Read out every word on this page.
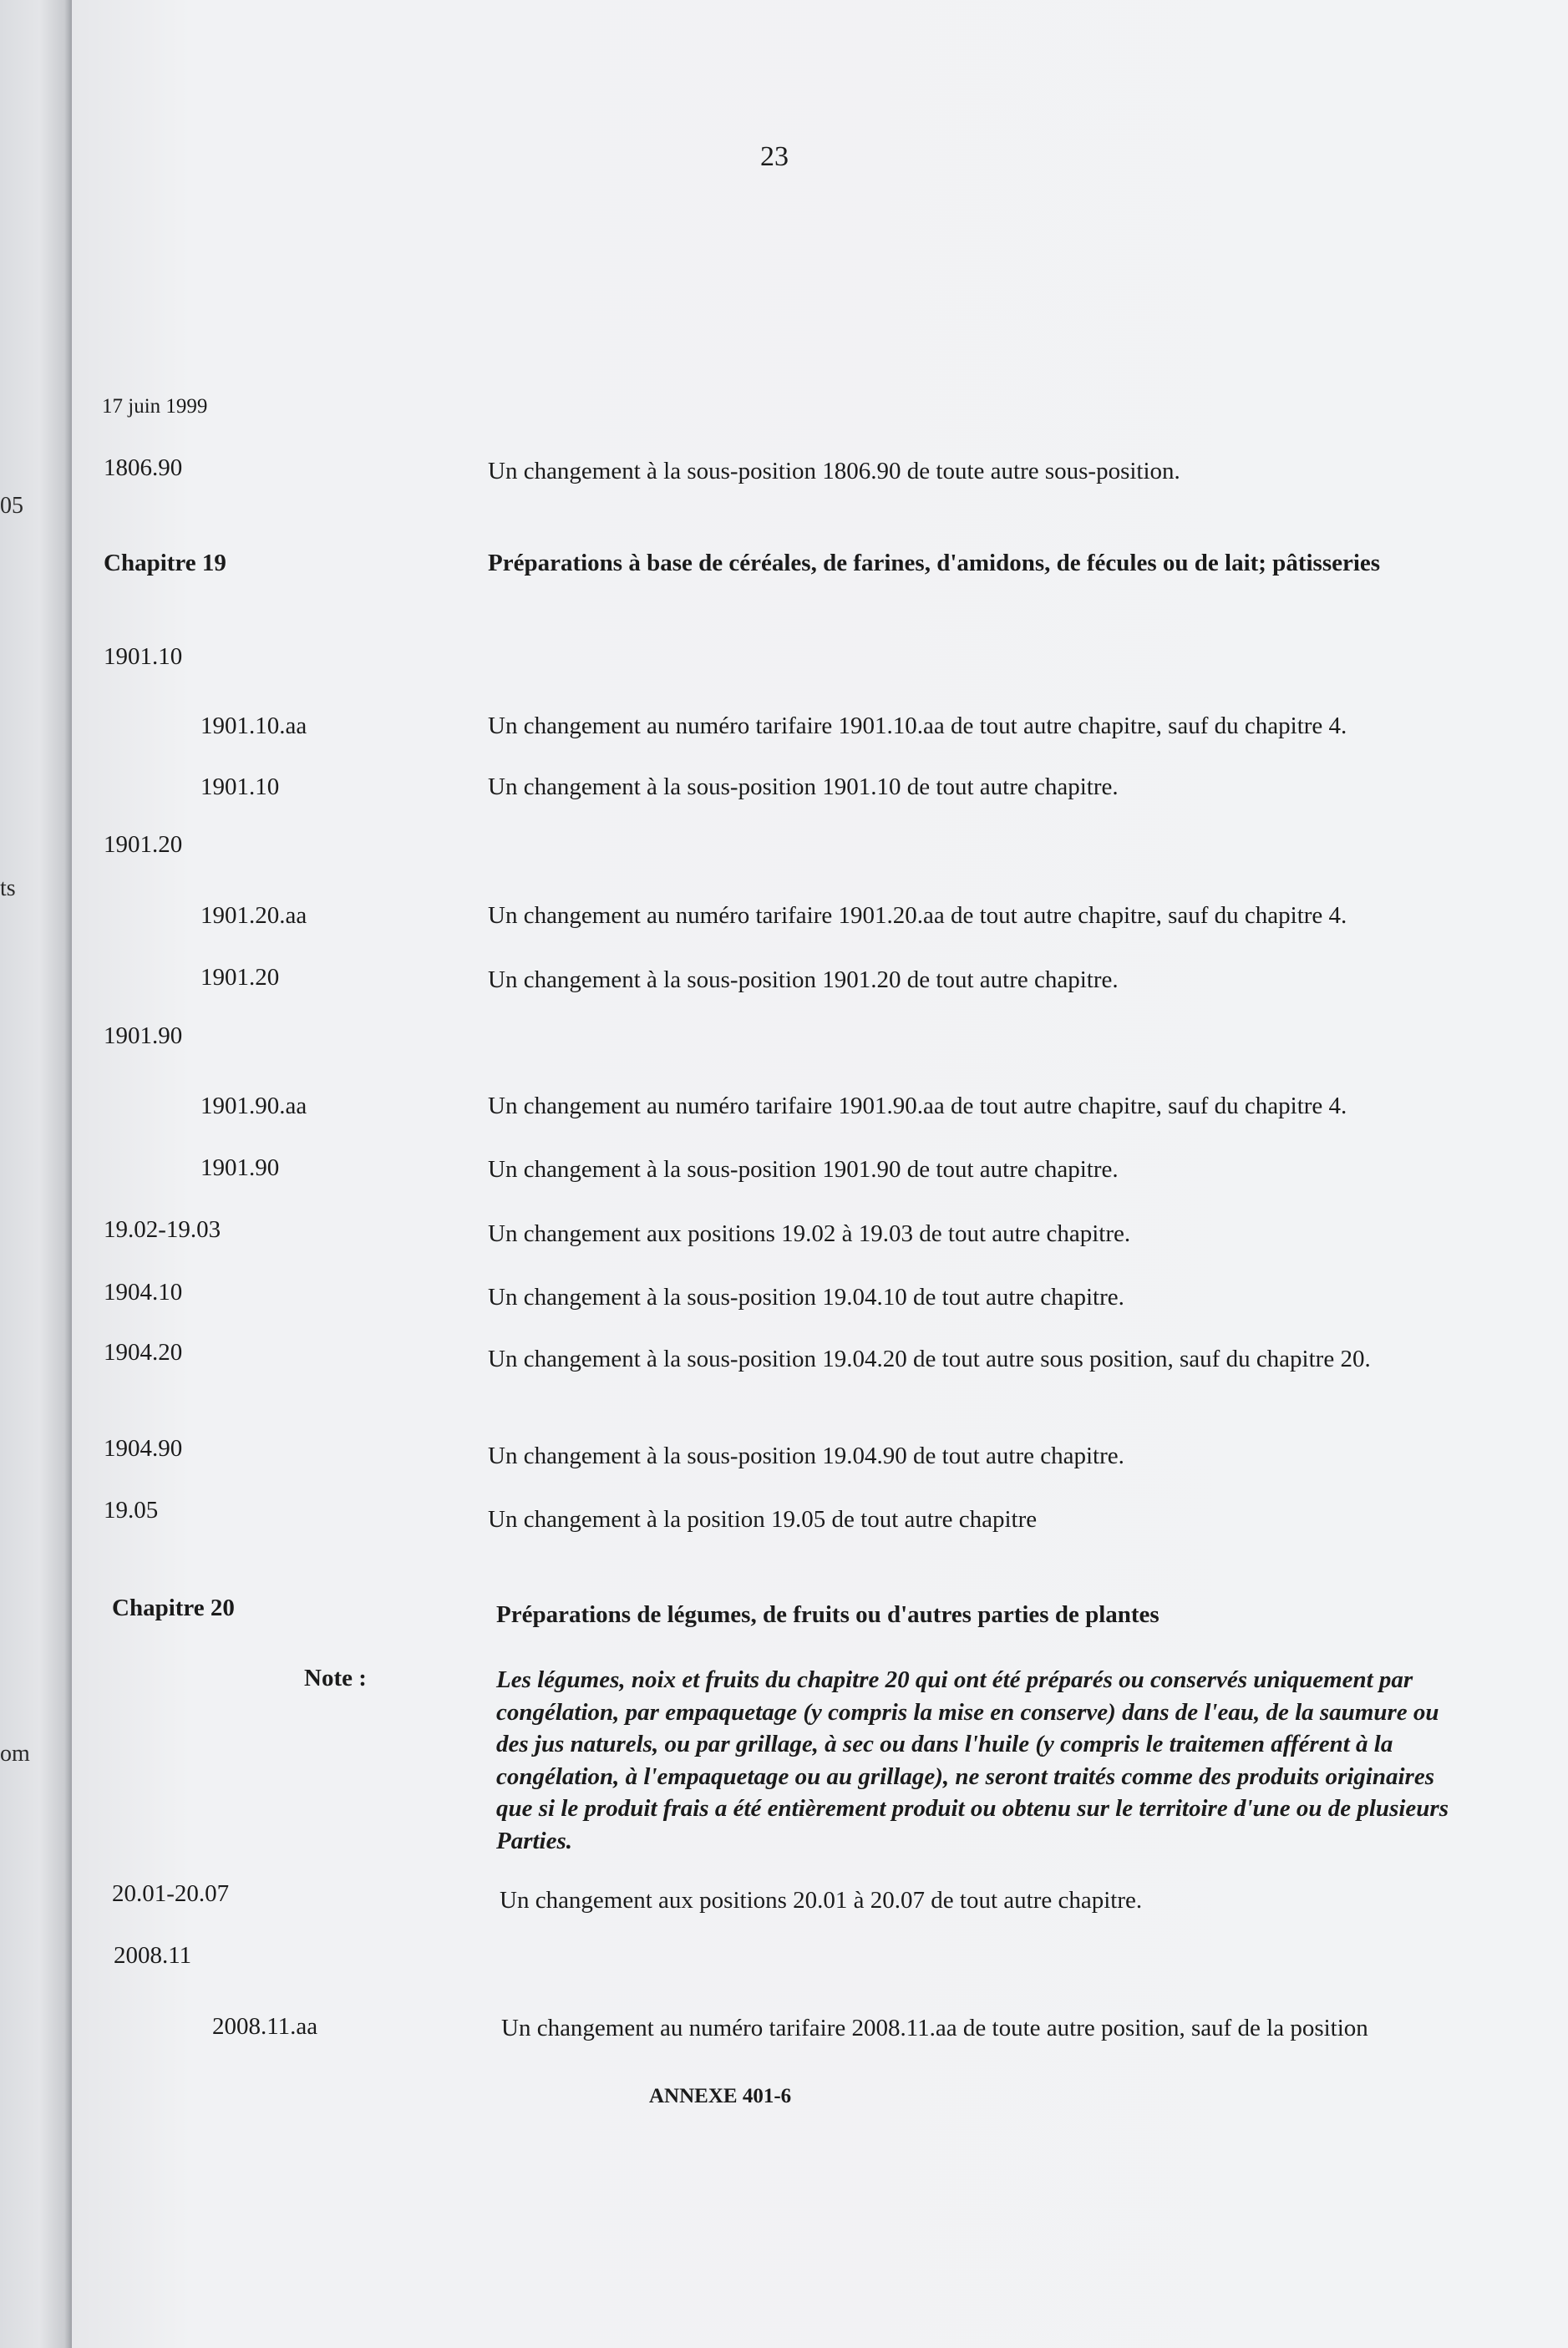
05
ts
om
23
17 juin 1999
1806.90	Un changement à la sous-position 1806.90 de toute autre sous-position.
Chapitre 19	Préparations à base de céréales, de farines, d'amidons, de fécules ou de lait; pâtisseries
1901.10
1901.10.aa	Un changement au numéro tarifaire 1901.10.aa de tout autre chapitre, sauf du chapitre 4.
1901.10	Un changement à la sous-position 1901.10 de tout autre chapitre.
1901.20
1901.20.aa	Un changement au numéro tarifaire 1901.20.aa de tout autre chapitre, sauf du chapitre 4.
1901.20	Un changement à la sous-position 1901.20 de tout autre chapitre.
1901.90
1901.90.aa	Un changement au numéro tarifaire 1901.90.aa de tout autre chapitre, sauf du chapitre 4.
1901.90	Un changement à la sous-position 1901.90 de tout autre chapitre.
19.02-19.03	Un changement aux positions 19.02 à 19.03 de tout autre chapitre.
1904.10	Un changement à la sous-position 19.04.10 de tout autre chapitre.
1904.20	Un changement à la sous-position 19.04.20 de tout autre sous position, sauf du chapitre 20.
1904.90	Un changement à la sous-position 19.04.90 de tout autre chapitre.
19.05	Un changement à la position 19.05 de tout autre chapitre
Chapitre 20	Préparations de légumes, de fruits ou d'autres parties de plantes
Note :	Les légumes, noix et fruits du chapitre 20 qui ont été préparés ou conservés uniquement par congélation, par empaquetage (y compris la mise en conserve) dans de l'eau, de la saumure ou des jus naturels, ou par grillage, à sec ou dans l'huile (y compris le traitemen afférent à la congélation, à l'empaquetage ou au grillage), ne seront traités comme des produits originaires que si le produit frais a été entièrement produit ou obtenu sur le territoire d'une ou de plusieurs Parties.
20.01-20.07	Un changement aux positions 20.01 à 20.07 de tout autre chapitre.
2008.11
2008.11.aa	Un changement au numéro tarifaire 2008.11.aa de toute autre position, sauf de la position
ANNEXE 401-6
